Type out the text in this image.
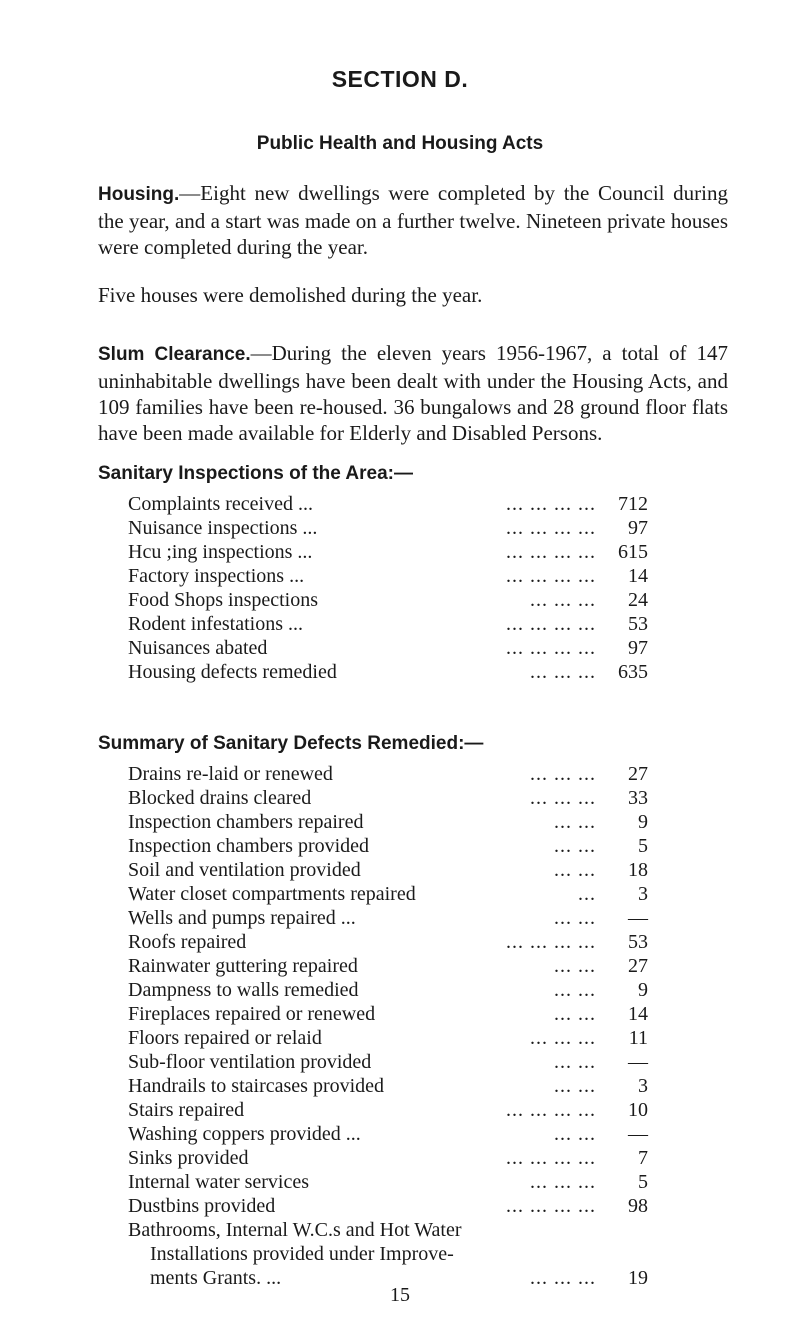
SECTION D.
Public Health and Housing Acts
Housing.—Eight new dwellings were completed by the Council during the year, and a start was made on a further twelve. Nineteen private houses were completed during the year.
Five houses were demolished during the year.
Slum Clearance.—During the eleven years 1956-1967, a total of 147 uninhabitable dwellings have been dealt with under the Housing Acts, and 109 families have been re-housed. 36 bungalows and 28 ground floor flats have been made available for Elderly and Disabled Persons.
Sanitary Inspections of the Area:—
Complaints received ...	... ... ... ... 712
Nuisance inspections ...	... ... ... ... 97
Hcu ;ing inspections ...	... ... ... ... 615
Factory inspections ...	... ... ... ... 14
Food Shops inspections	... ... ... 24
Rodent infestations ...	... ... ... ... 53
Nuisances abated	... ... ... ... 97
Housing defects remedied	... ... ... 635
Summary of Sanitary Defects Remedied:—
Drains re-laid or renewed	... ... ... 27
Blocked drains cleared	... ... ... 33
Inspection chambers repaired	... ... 9
Inspection chambers provided	... ... 5
Soil and ventilation provided	... ... 18
Water closet compartments repaired	... 3
Wells and pumps repaired ...	... ... —
Roofs repaired	... ... ... ... 53
Rainwater guttering repaired	... ... 27
Dampness to walls remedied	... ... 9
Fireplaces repaired or renewed	... ... 14
Floors repaired or relaid	... ... ... 11
Sub-floor ventilation provided	... ... —
Handrails to staircases provided	... ... 3
Stairs repaired	... ... ... ... 10
Washing coppers provided ...	... ... —
Sinks provided	... ... ... ... 7
Internal water services	... ... ... 5
Dustbins provided	... ... ... ... 98
Bathrooms, Internal W.C.s and Hot Water
Installations provided under Improve-
ments Grants. ...	... ... ... 19
15
